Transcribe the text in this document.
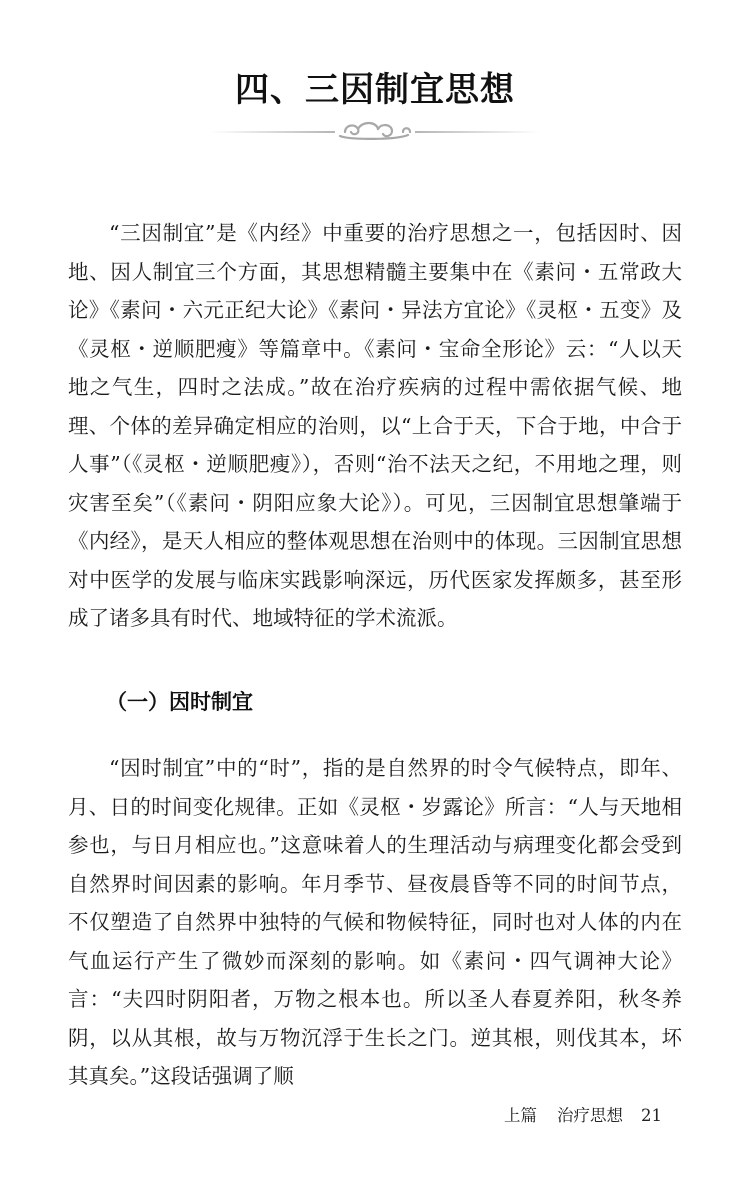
四、三因制宜思想

“三因制宜”是《内经》中重要的治疗思想之一，包括因时、因地、因人制宜三个方面，其思想精髓主要集中在《素问・五常政大论》《素问・六元正纪大论》《素问・异法方宜论》《灵枢・五变》及《灵枢・逆顺肥瘦》等篇章中。《素问・宝命全形论》云：“人以天地之气生，四时之法成。”故在治疗疾病的过程中需依据气候、地理、个体的差异确定相应的治则，以“上合于天，下合于地，中合于人事”（《灵枢・逆顺肥瘦》），否则“治不法天之纪，不用地之理，则灾害至矣”（《素问・阴阳应象大论》）。可见，三因制宜思想肇端于《内经》，是天人相应的整体观思想在治则中的体现。三因制宜思想对中医学的发展与临床实践影响深远，历代医家发挥颇多，甚至形成了诸多具有时代、地域特征的学术流派。

（一）因时制宜

“因时制宜”中的“时”，指的是自然界的时令气候特点，即年、月、日的时间变化规律。正如《灵枢・岁露论》所言：“人与天地相参也，与日月相应也。”这意味着人的生理活动与病理变化都会受到自然界时间因素的影响。年月季节、昼夜晨昏等不同的时间节点，不仅塑造了自然界中独特的气候和物候特征，同时也对人体的内在气血运行产生了微妙而深刻的影响。如《素问・四气调神大论》言：“夫四时阴阳者，万物之根本也。所以圣人春夏养阳，秋冬养阴，以从其根，故与万物沉浮于生长之门。逆其根，则伐其本，坏其真矣。”这段话强调了顺

上篇 治疗思想 21
